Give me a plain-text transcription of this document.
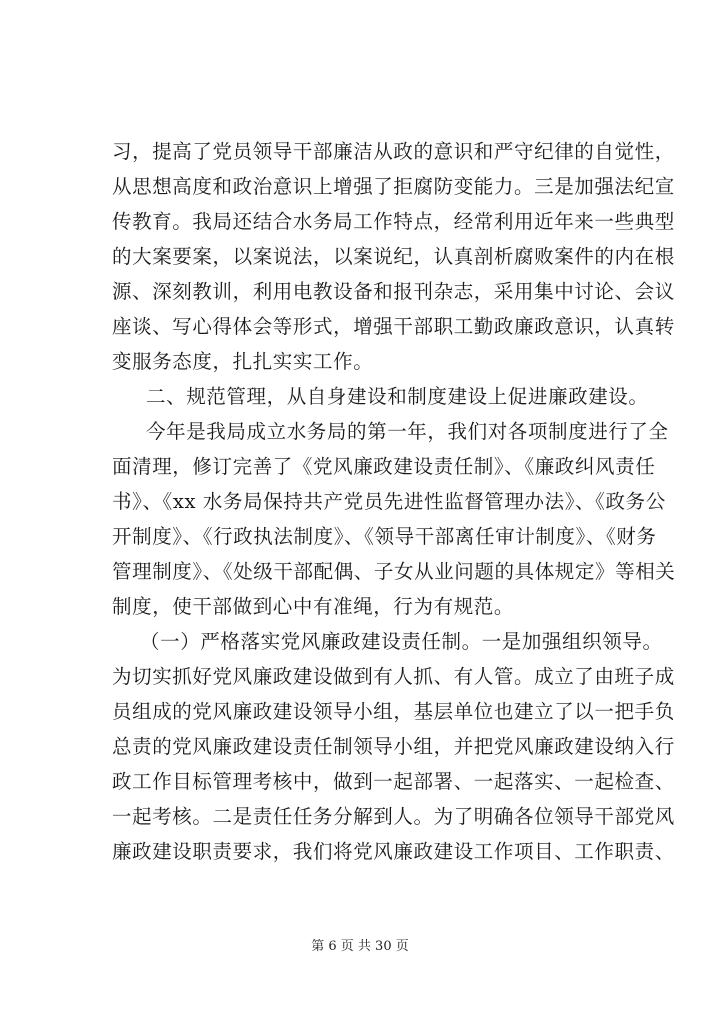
习，提高了党员领导干部廉洁从政的意识和严守纪律的自觉性，
从思想高度和政治意识上增强了拒腐防变能力。三是加强法纪宣
传教育。我局还结合水务局工作特点，经常利用近年来一些典型
的大案要案，以案说法，以案说纪，认真剖析腐败案件的内在根
源、深刻教训，利用电教设备和报刊杂志，采用集中讨论、会议
座谈、写心得体会等形式，增强干部职工勤政廉政意识，认真转
变服务态度，扎扎实实工作。
二、规范管理，从自身建设和制度建设上促进廉政建设。
今年是我局成立水务局的第一年，我们对各项制度进行了全
面清理，修订完善了《党风廉政建设责任制》、《廉政纠风责任
书》、《xx 水务局保持共产党员先进性监督管理办法》、《政务公
开制度》、《行政执法制度》、《领导干部离任审计制度》、《财务
管理制度》、《处级干部配偶、子女从业问题的具体规定》等相关
制度，使干部做到心中有准绳，行为有规范。
（一）严格落实党风廉政建设责任制。一是加强组织领导。
为切实抓好党风廉政建设做到有人抓、有人管。成立了由班子成
员组成的党风廉政建设领导小组，基层单位也建立了以一把手负
总责的党风廉政建设责任制领导小组，并把党风廉政建设纳入行
政工作目标管理考核中，做到一起部署、一起落实、一起检查、
一起考核。二是责任任务分解到人。为了明确各位领导干部党风
廉政建设职责要求，我们将党风廉政建设工作项目、工作职责、
第 6 页 共 30 页
